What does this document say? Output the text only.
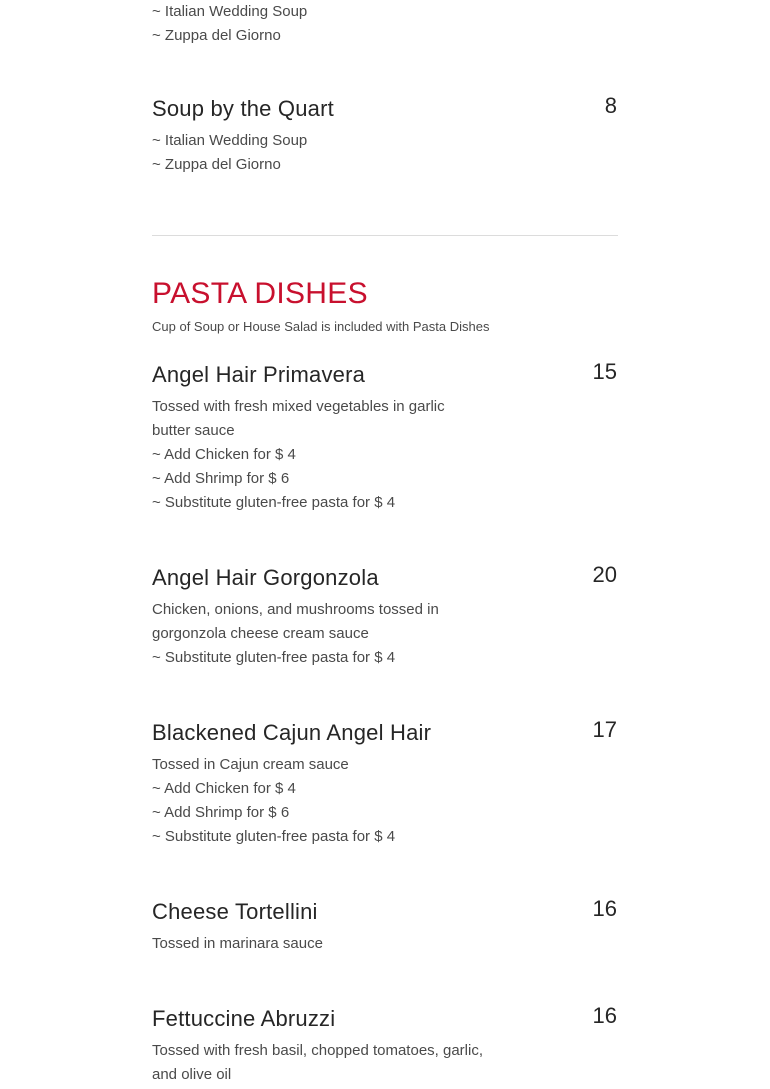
~ Italian Wedding Soup
~ Zuppa del Giorno
Soup by the Quart	8
~ Italian Wedding Soup
~ Zuppa del Giorno
PASTA DISHES
Cup of Soup or House Salad is included with Pasta Dishes
Angel Hair Primavera	15
Tossed with fresh mixed vegetables in garlic
butter sauce
~ Add Chicken for $ 4
~ Add Shrimp for $ 6
~ Substitute gluten-free pasta for $ 4
Angel Hair Gorgonzola	20
Chicken, onions, and mushrooms tossed in
gorgonzola cheese cream sauce
~ Substitute gluten-free pasta for $ 4
Blackened Cajun Angel Hair	17
Tossed in Cajun cream sauce
~ Add Chicken for $ 4
~ Add Shrimp for $ 6
~ Substitute gluten-free pasta for $ 4
Cheese Tortellini	16
Tossed in marinara sauce
Fettuccine Abruzzi	16
Tossed with fresh basil, chopped tomatoes, garlic,
and olive oil
